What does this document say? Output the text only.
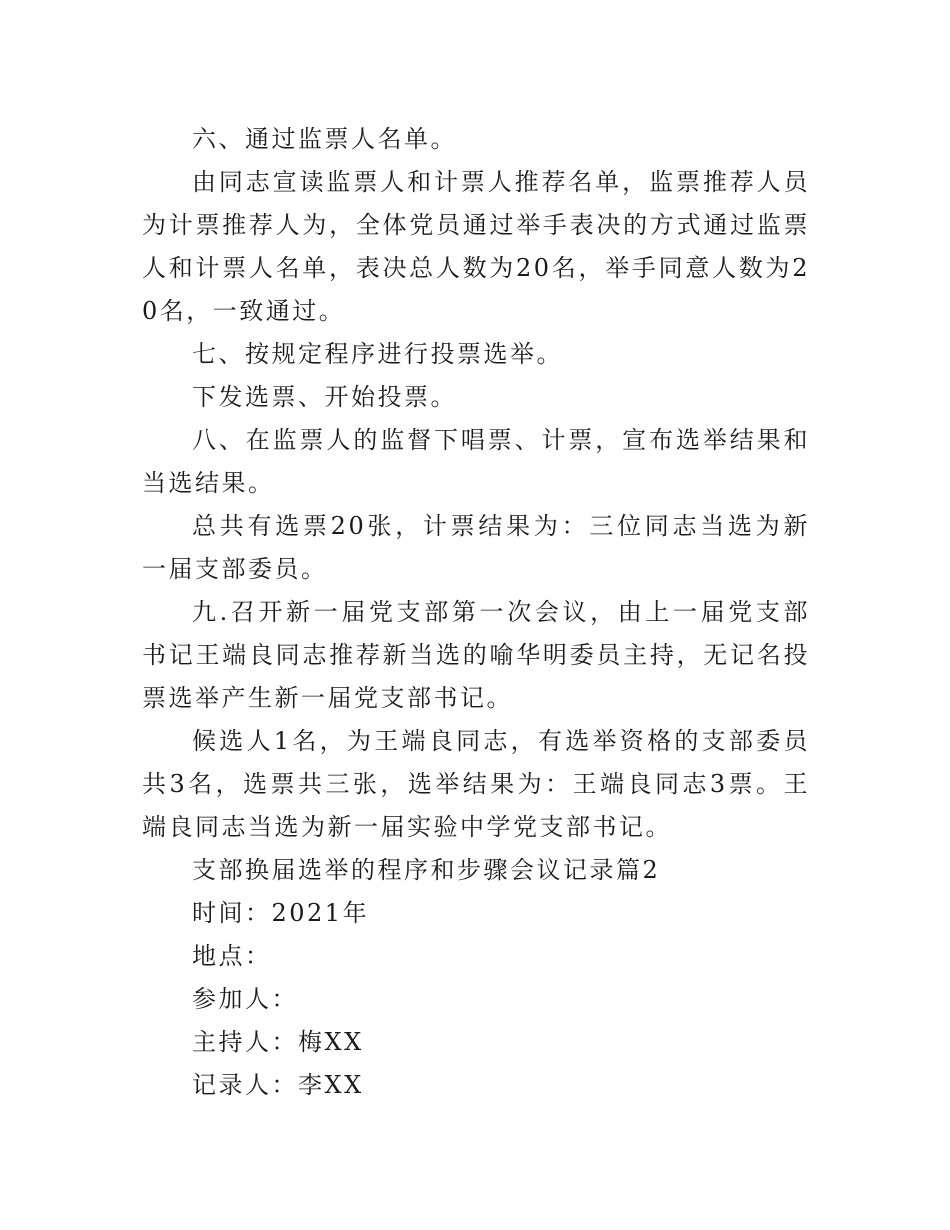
六、通过监票人名单。

由同志宣读监票人和计票人推荐名单，监票推荐人员为计票推荐人为，全体党员通过举手表决的方式通过监票人和计票人名单，表决总人数为20名，举手同意人数为20名，一致通过。

七、按规定程序进行投票选举。

下发选票、开始投票。

八、在监票人的监督下唱票、计票，宣布选举结果和当选结果。

总共有选票20张，计票结果为：三位同志当选为新一届支部委员。

九.召开新一届党支部第一次会议，由上一届党支部书记王端良同志推荐新当选的喻华明委员主持，无记名投票选举产生新一届党支部书记。

候选人1名，为王端良同志，有选举资格的支部委员共3名，选票共三张，选举结果为：王端良同志3票。王端良同志当选为新一届实验中学党支部书记。

支部换届选举的程序和步骤会议记录篇2

时间：2021年

地点：

参加人：

主持人：梅XX

记录人：李XX
